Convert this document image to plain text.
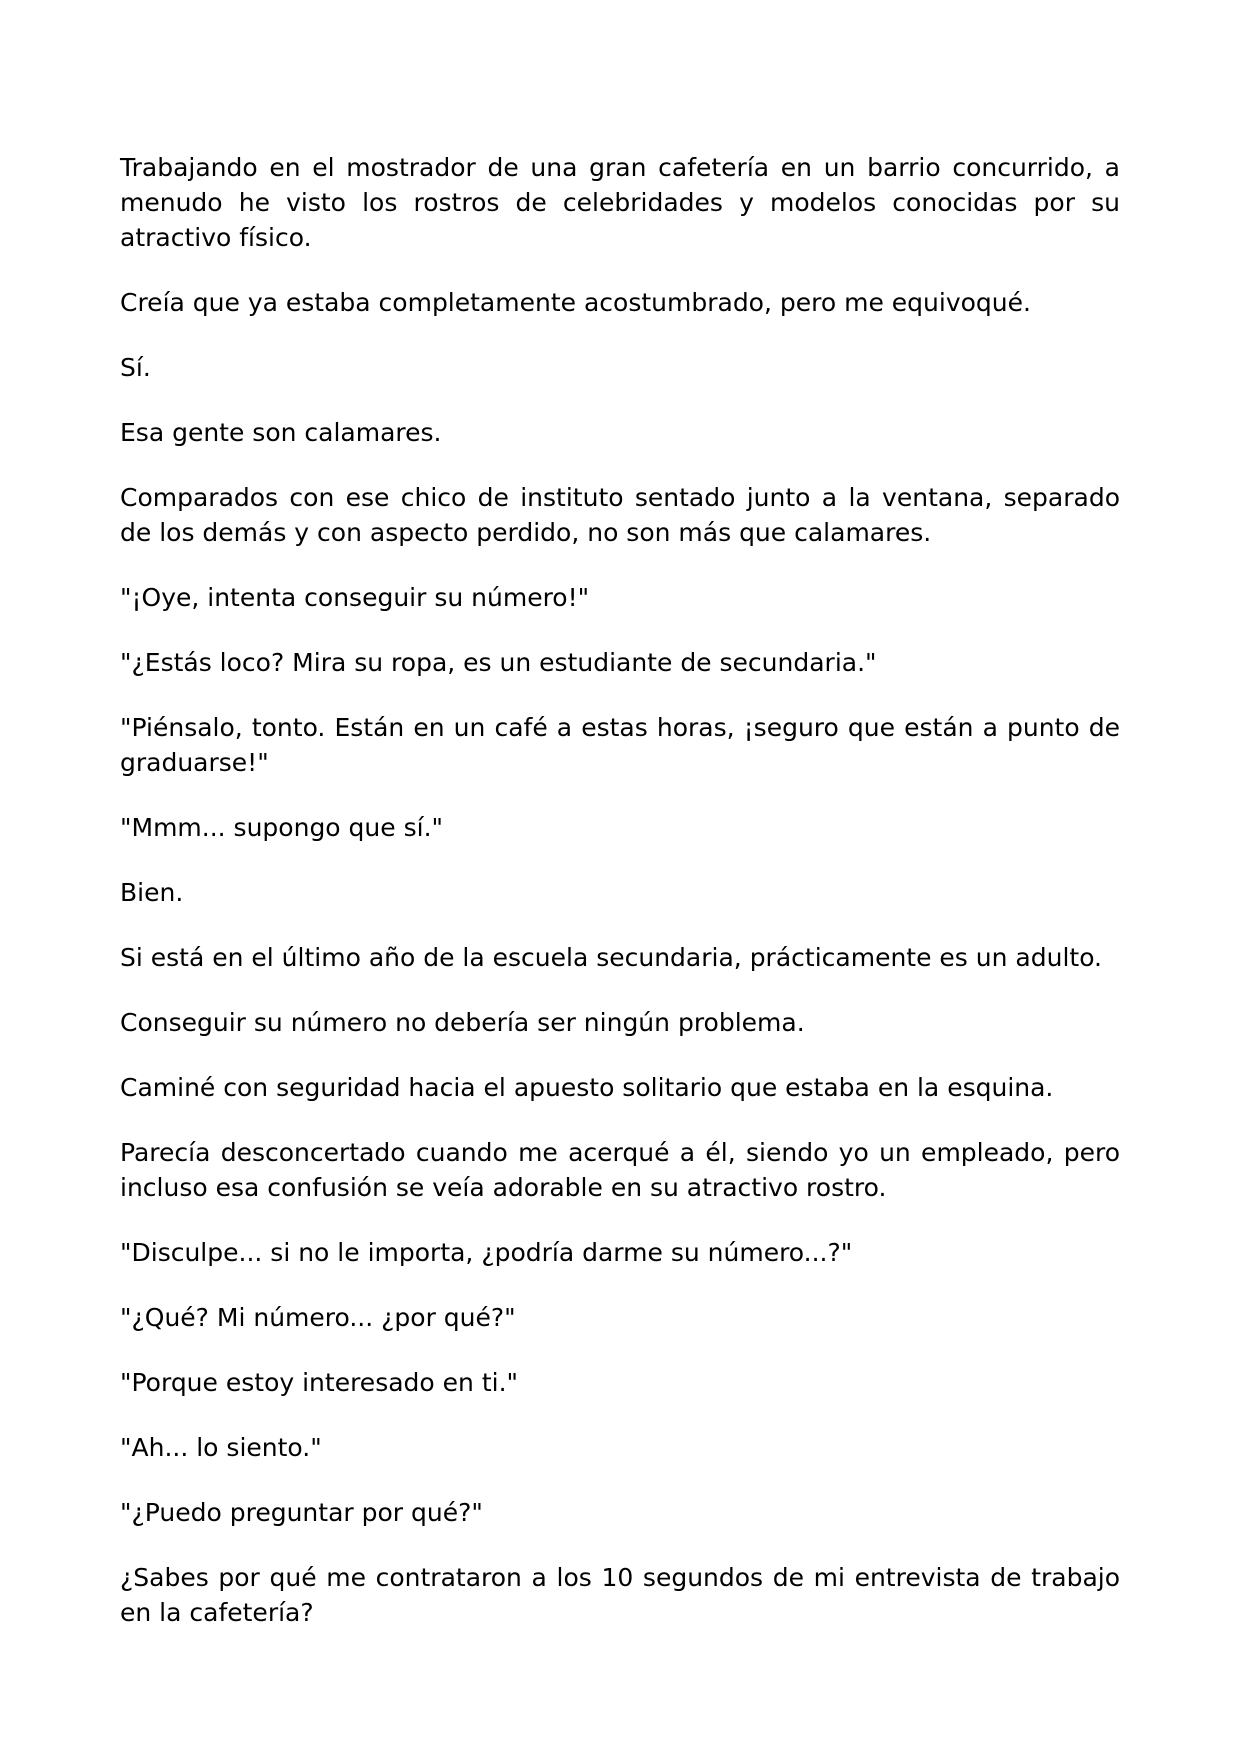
Trabajando en el mostrador de una gran cafetería en un barrio concurrido, a menudo he visto los rostros de celebridades y modelos conocidas por su atractivo físico.

Creía que ya estaba completamente acostumbrado, pero me equivoqué.

Sí.

Esa gente son calamares.

Comparados con ese chico de instituto sentado junto a la ventana, separado de los demás y con aspecto perdido, no son más que calamares.

"¡Oye, intenta conseguir su número!"

"¿Estás loco? Mira su ropa, es un estudiante de secundaria."

"Piénsalo, tonto. Están en un café a estas horas, ¡seguro que están a punto de graduarse!"

"Mmm... supongo que sí."

Bien.

Si está en el último año de la escuela secundaria, prácticamente es un adulto.

Conseguir su número no debería ser ningún problema.

Caminé con seguridad hacia el apuesto solitario que estaba en la esquina.

Parecía desconcertado cuando me acerqué a él, siendo yo un empleado, pero incluso esa confusión se veía adorable en su atractivo rostro.

"Disculpe... si no le importa, ¿podría darme su número...?"

"¿Qué? Mi número... ¿por qué?"

"Porque estoy interesado en ti."

"Ah... lo siento."

"¿Puedo preguntar por qué?"

¿Sabes por qué me contrataron a los 10 segundos de mi entrevista de trabajo en la cafetería?
